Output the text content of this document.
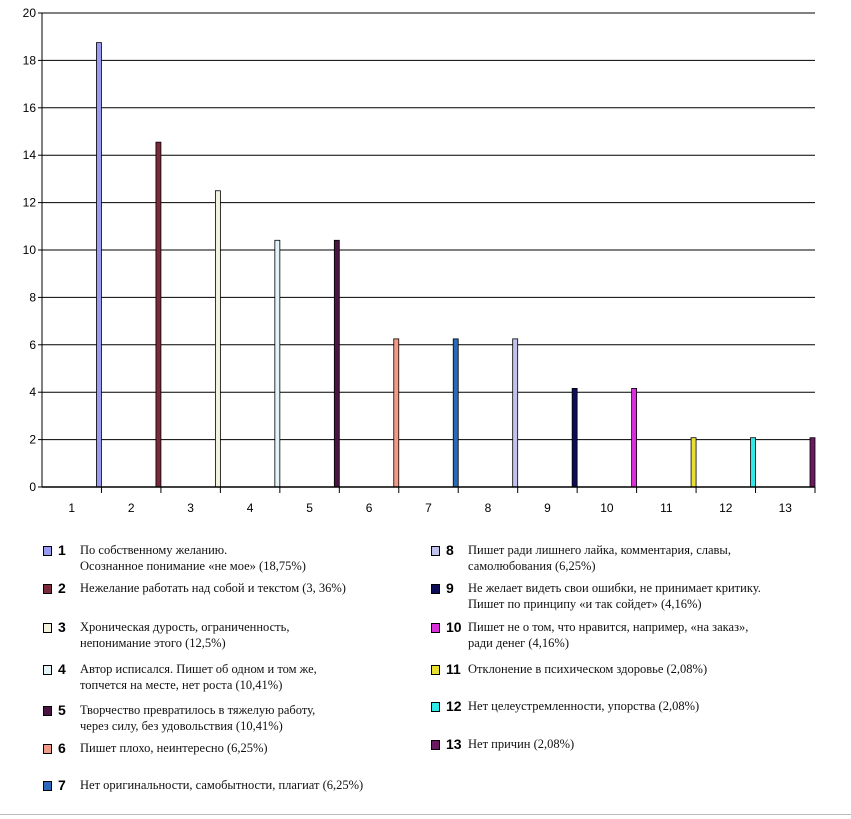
0
2
4
6
8
10
12
14
16
18
20
1	2	3	4	5	6	7	8	9	10	11	12	13
1	По собственному желанию.
Осознанное понимание «не мое» (18,75%)
2	Нежелание работать над собой и текстом (3, 36%)
3	Хроническая дурость, ограниченность,
непонимание этого (12,5%)
4	Автор исписался. Пишет об одном и том же,
топчется на месте, нет роста (10,41%)
5	Творчество превратилось в тяжелую работу,
через силу, без удовольствия (10,41%)
6	Пишет плохо, неинтересно (6,25%)
7	Нет оригинальности, самобытности, плагиат (6,25%)
8	Пишет ради лишнего лайка, комментария, славы,
самолюбования (6,25%)
9	Не желает видеть свои ошибки, не принимает критику.
Пишет по принципу «и так сойдет» (4,16%)
10 Пишет не о том, что нравится, например, «на заказ»,
ради денег (4,16%)
11 Отклонение в психическом здоровье (2,08%)
12 Нет целеустремленности, упорства (2,08%)
13 Нет причин (2,08%)
